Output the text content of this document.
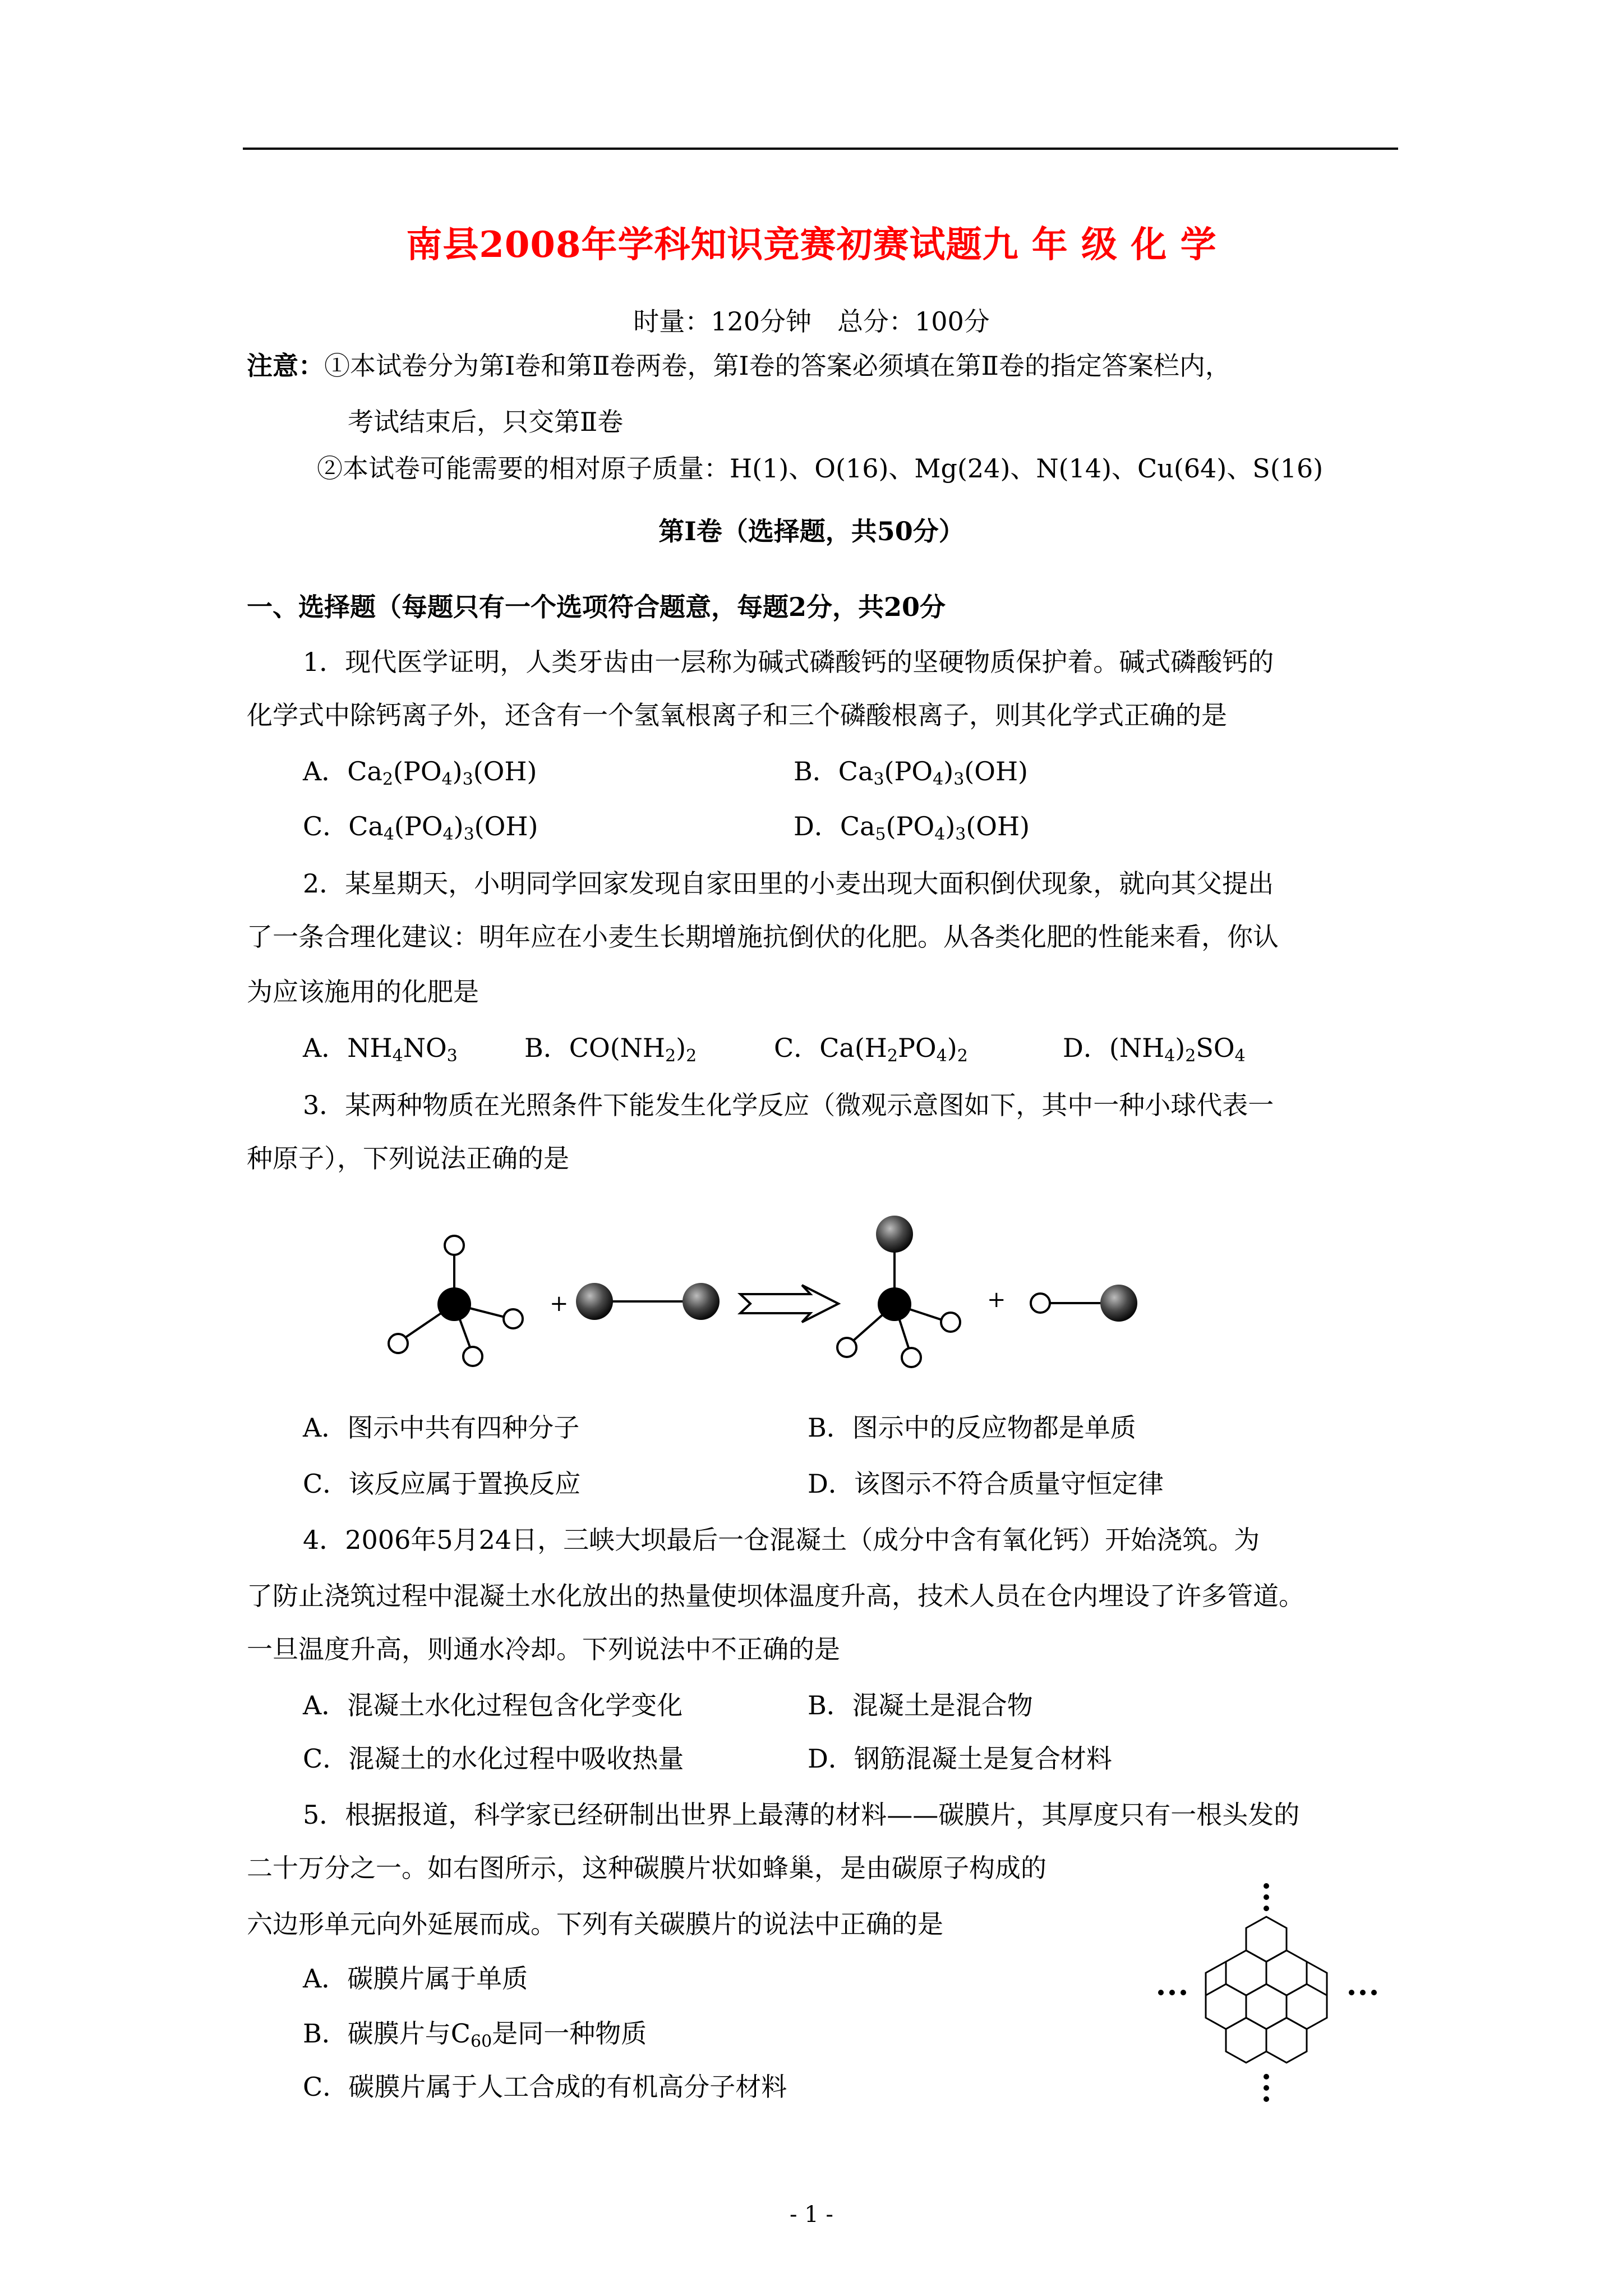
南县2008年学科知识竞赛初赛试题九 年 级 化 学
时量：120分钟　总分：100分
注意：①本试卷分为第Ⅰ卷和第Ⅱ卷两卷，第Ⅰ卷的答案必须填在第Ⅱ卷的指定答案栏内，
考试结束后，只交第Ⅱ卷
②本试卷可能需要的相对原子质量：H(1)、O(16)、Mg(24)、N(14)、Cu(64)、S(16)
第Ⅰ卷（选择题，共50分）
一、选择题（每题只有一个选项符合题意，每题2分，共20分
1．现代医学证明，人类牙齿由一层称为碱式磷酸钙的坚硬物质保护着。碱式磷酸钙的
化学式中除钙离子外，还含有一个氢氧根离子和三个磷酸根离子，则其化学式正确的是
A．$Ca_2(PO_4)_3(OH)$	B．$Ca_3(PO_4)_3(OH)$
C．$Ca_4(PO_4)_3(OH)$	D．$Ca_5(PO_4)_3(OH)$
2．某星期天，小明同学回家发现自家田里的小麦出现大面积倒伏现象，就向其父提出
了一条合理化建议：明年应在小麦生长期增施抗倒伏的化肥。从各类化肥的性能来看，你认
为应该施用的化肥是
A．$NH_4NO_3$	B．$CO(NH_2)_2$	C．$Ca(H_2PO_4)_2$	D．$(NH_4)_2SO_4$
3．某两种物质在光照条件下能发生化学反应（微观示意图如下，其中一种小球代表一
种原子），下列说法正确的是
+	+
A．图示中共有四种分子	B．图示中的反应物都是单质
C．该反应属于置换反应	D．该图示不符合质量守恒定律
4．2006年5月24日，三峡大坝最后一仓混凝土（成分中含有氧化钙）开始浇筑。为
了防止浇筑过程中混凝土水化放出的热量使坝体温度升高，技术人员在仓内埋设了许多管道。
一旦温度升高，则通水冷却。下列说法中不正确的是
A．混凝土水化过程包含化学变化	B．混凝土是混合物
C．混凝土的水化过程中吸收热量	D．钢筋混凝土是复合材料
5．根据报道，科学家已经研制出世界上最薄的材料——碳膜片，其厚度只有一根头发的
二十万分之一。如右图所示，这种碳膜片状如蜂巢，是由碳原子构成的
六边形单元向外延展而成。下列有关碳膜片的说法中正确的是
A．碳膜片属于单质
B．碳膜片与$C_{60}$是同一种物质
C．碳膜片属于人工合成的有机高分子材料
- 1 -
